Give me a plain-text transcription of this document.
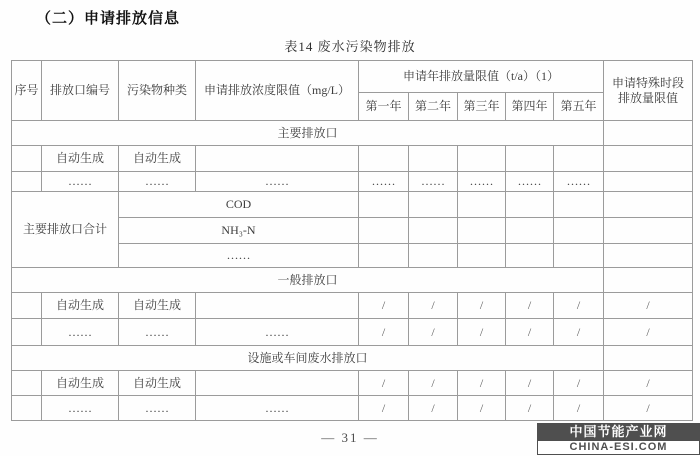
（二）申请排放信息
表14 废水污染物排放
序号	排放口编号	污染物种类	申请排放浓度限值（mg/L）	申请年排放量限值（t/a）（1）					申请特殊时段
排放量限值
				第一年	第二年	第三年	第四年	第五年	
主要排放口									
	自动生成	自动生成							
	……	……	……	……	……	……	……	……	
主要排放口合计		COD							
		NH₃-N							
		……							
一般排放口									
	自动生成	自动生成		/	/	/	/	/	/
	……	……	……	/	/	/	/	/	/
设施或车间废水排放口									
	自动生成	自动生成		/	/	/	/	/	/
	……	……	……	/	/	/	/	/	/
— 31 —	中国节能产业网
CHINA-ESI.COM
